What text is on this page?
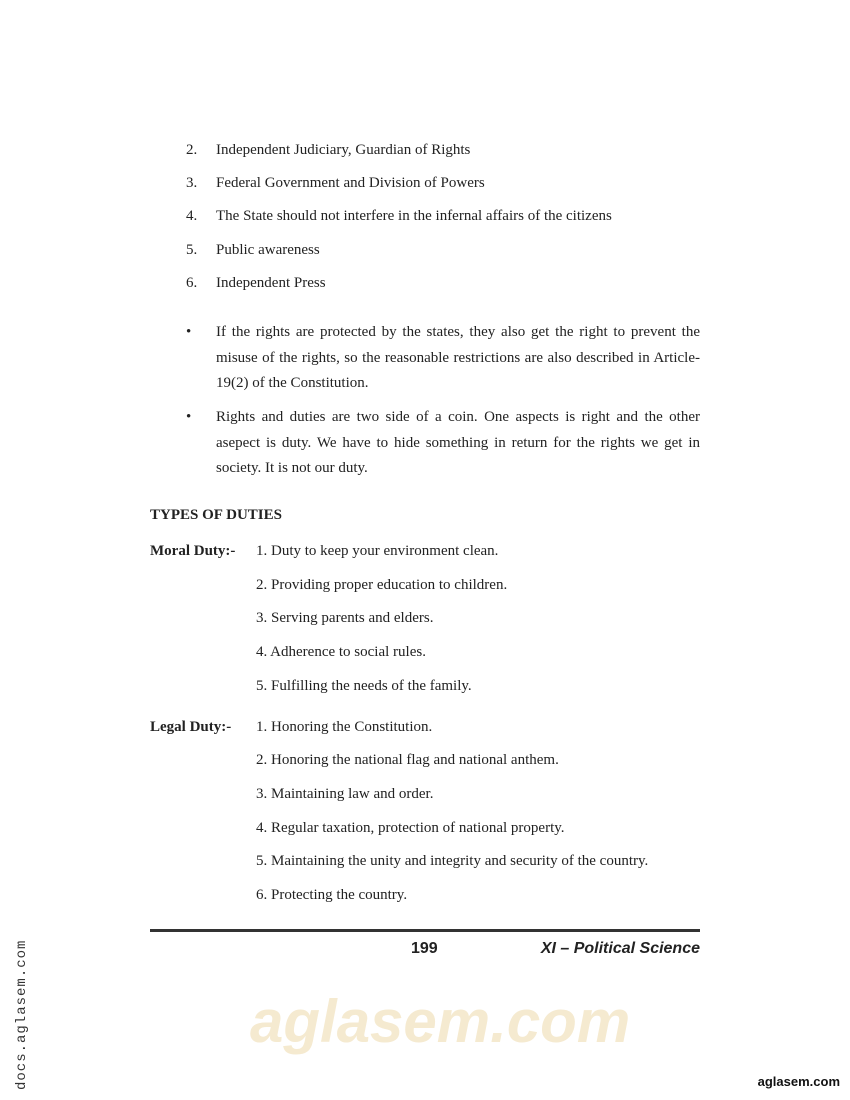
aglasem.com
2. Independent Judiciary, Guardian of Rights
3. Federal Government and Division of Powers
4. The State should not interfere in the infernal affairs of the citizens
5. Public awareness
6. Independent Press
• If the rights are protected by the states, they also get the right to prevent the misuse of the rights, so the reasonable restrictions are also described in Article-19(2) of the Constitution.
• Rights and duties are two side of a coin. One aspects is right and the other asepect is duty. We have to hide something in return for the rights we get in society. It is not our duty.
TYPES OF DUTIES
Moral Duty:- 1. Duty to keep your environment clean.
2. Providing proper education to children.
3. Serving parents and elders.
4. Adherence to social rules.
5. Fulfilling the needs of the family.
Legal Duty:- 1. Honoring the Constitution.
2. Honoring the national flag and national anthem.
3. Maintaining law and order.
4. Regular taxation, protection of national property.
5. Maintaining the unity and integrity and security of the country.
6. Protecting the country.
199	XI – Political Science
docs.aglasem.com	aglasem.com
